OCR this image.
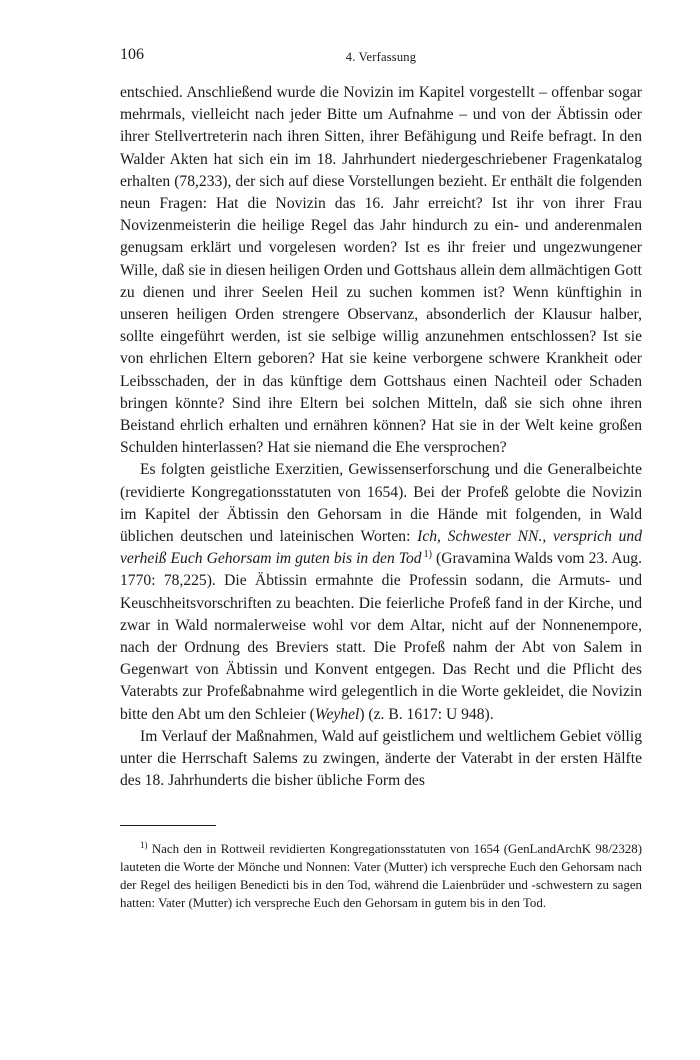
106	4. Verfassung

entschied. Anschließend wurde die Novizin im Kapitel vorgestellt – offenbar sogar mehrmals, vielleicht nach jeder Bitte um Aufnahme – und von der Äbtissin oder ihrer Stellvertreterin nach ihren Sitten, ihrer Befähigung und Reife befragt. In den Walder Akten hat sich ein im 18. Jahrhundert niedergeschriebener Fragenkatalog erhalten (78,233), der sich auf diese Vorstellungen bezieht. Er enthält die folgenden neun Fragen: Hat die Novizin das 16. Jahr erreicht? Ist ihr von ihrer Frau Novizenmeisterin die heilige Regel das Jahr hindurch zu ein- und anderenmalen genugsam erklärt und vorgelesen worden? Ist es ihr freier und ungezwungener Wille, daß sie in diesen heiligen Orden und Gottshaus allein dem allmächtigen Gott zu dienen und ihrer Seelen Heil zu suchen kommen ist? Wenn künftighin in unseren heiligen Orden strengere Observanz, absonderlich der Klausur halber, sollte eingeführt werden, ist sie selbige willig anzunehmen entschlossen? Ist sie von ehrlichen Eltern geboren? Hat sie keine verborgene schwere Krankheit oder Leibsschaden, der in das künftige dem Gottshaus einen Nachteil oder Schaden bringen könnte? Sind ihre Eltern bei solchen Mitteln, daß sie sich ohne ihren Beistand ehrlich erhalten und ernähren können? Hat sie in der Welt keine großen Schulden hinterlassen? Hat sie niemand die Ehe versprochen?

Es folgten geistliche Exerzitien, Gewissenserforschung und die Generalbeichte (revidierte Kongregationsstatuten von 1654). Bei der Profeß gelobte die Novizin im Kapitel der Äbtissin den Gehorsam in die Hände mit folgenden, in Wald üblichen deutschen und lateinischen Worten: Ich, Schwester NN., versprich und verheiß Euch Gehorsam im guten bis in den Tod  $^{1)}$ (Gravamina Walds vom 23. Aug. 1770: 78,225). Die Äbtissin ermahnte die Professin sodann, die Armuts- und Keuschheitsvorschriften zu beachten. Die feierliche Profeß fand in der Kirche, und zwar in Wald normalerweise wohl vor dem Altar, nicht auf der Nonnenempore, nach der Ordnung des Breviers statt. Die Profeß nahm der Abt von Salem in Gegenwart von Äbtissin und Konvent entgegen. Das Recht und die Pflicht des Vaterabts zur Profeßabnahme wird gelegentlich in die Worte gekleidet, die Novizin bitte den Abt um den Schleier (Weyhel) (z. B. 1617: U 948).

Im Verlauf der Maßnahmen, Wald auf geistlichem und weltlichem Gebiet völlig unter die Herrschaft Salems zu zwingen, änderte der Vaterabt in der ersten Hälfte des 18. Jahrhunderts die bisher übliche Form des

$^{1)}$ Nach den in Rottweil revidierten Kongregationsstatuten von 1654 (GenLandArchK 98/2328) lauteten die Worte der Mönche und Nonnen: Vater (Mutter) ich verspreche Euch den Gehorsam nach der Regel des heiligen Benedicti bis in den Tod, während die Laienbrüder und -schwestern zu sagen hatten: Vater (Mutter) ich verspreche Euch den Gehorsam in gutem bis in den Tod.
